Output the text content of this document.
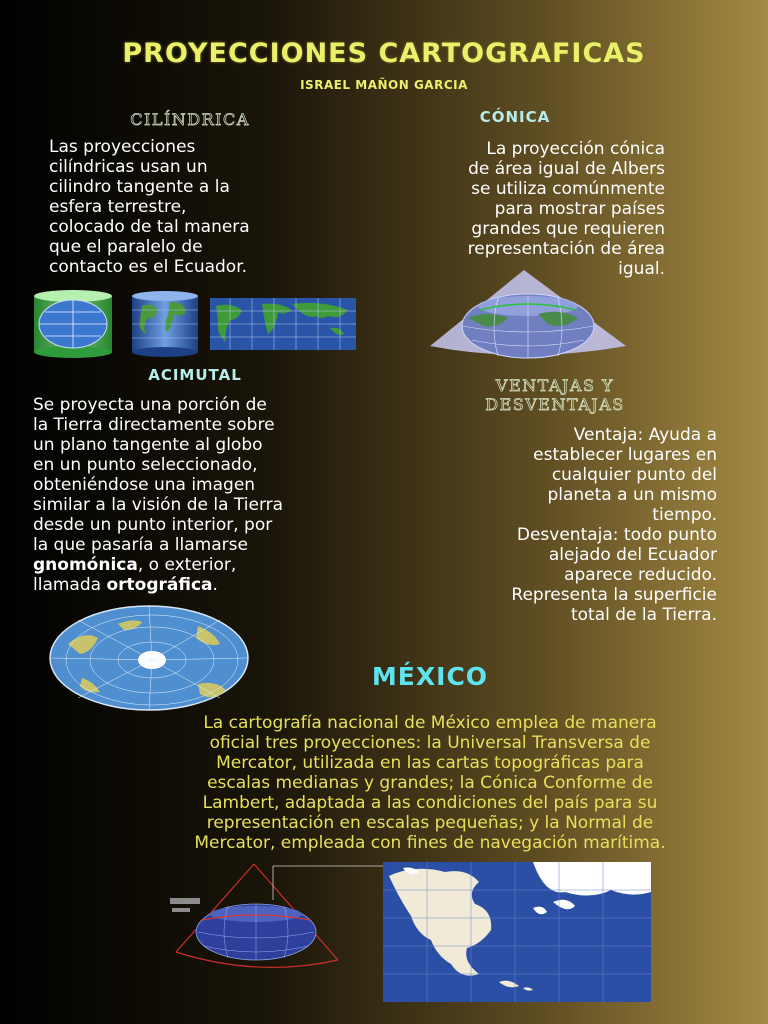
PROYECCIONES CARTOGRAFICAS
ISRAEL MAÑON GARCIA
CILÍNDRICA
Las proyecciones
cilíndricas usan un
cilindro tangente a la
esfera terrestre,
colocado de tal manera
que el paralelo de
contacto es el Ecuador.
CÓNICA
La proyección cónica
de área igual de Albers
se utiliza comúnmente
para mostrar países
grandes que requieren
representación de área
igual.
ACIMUTAL
Se proyecta una porción de
la Tierra directamente sobre
un plano tangente al globo
en un punto seleccionado,
obteniéndose una imagen
similar a la visión de la Tierra
desde un punto interior, por
la que pasaría a llamarse
gnomónica, o exterior,
llamada ortográfica.
VENTAJAS Y
DESVENTAJAS
Ventaja: Ayuda a
establecer lugares en
cualquier punto del
planeta a un mismo
tiempo.
Desventaja: todo punto
alejado del Ecuador
aparece reducido.
Representa la superficie
total de la Tierra.
MÉXICO
La cartografía nacional de México emplea de manera
oficial tres proyecciones: la Universal Transversa de
Mercator, utilizada en las cartas topográficas para
escalas medianas y grandes; la Cónica Conforme de
Lambert, adaptada a las condiciones del país para su
representación en escalas pequeñas; y la Normal de
Mercator, empleada con fines de navegación marítima.
